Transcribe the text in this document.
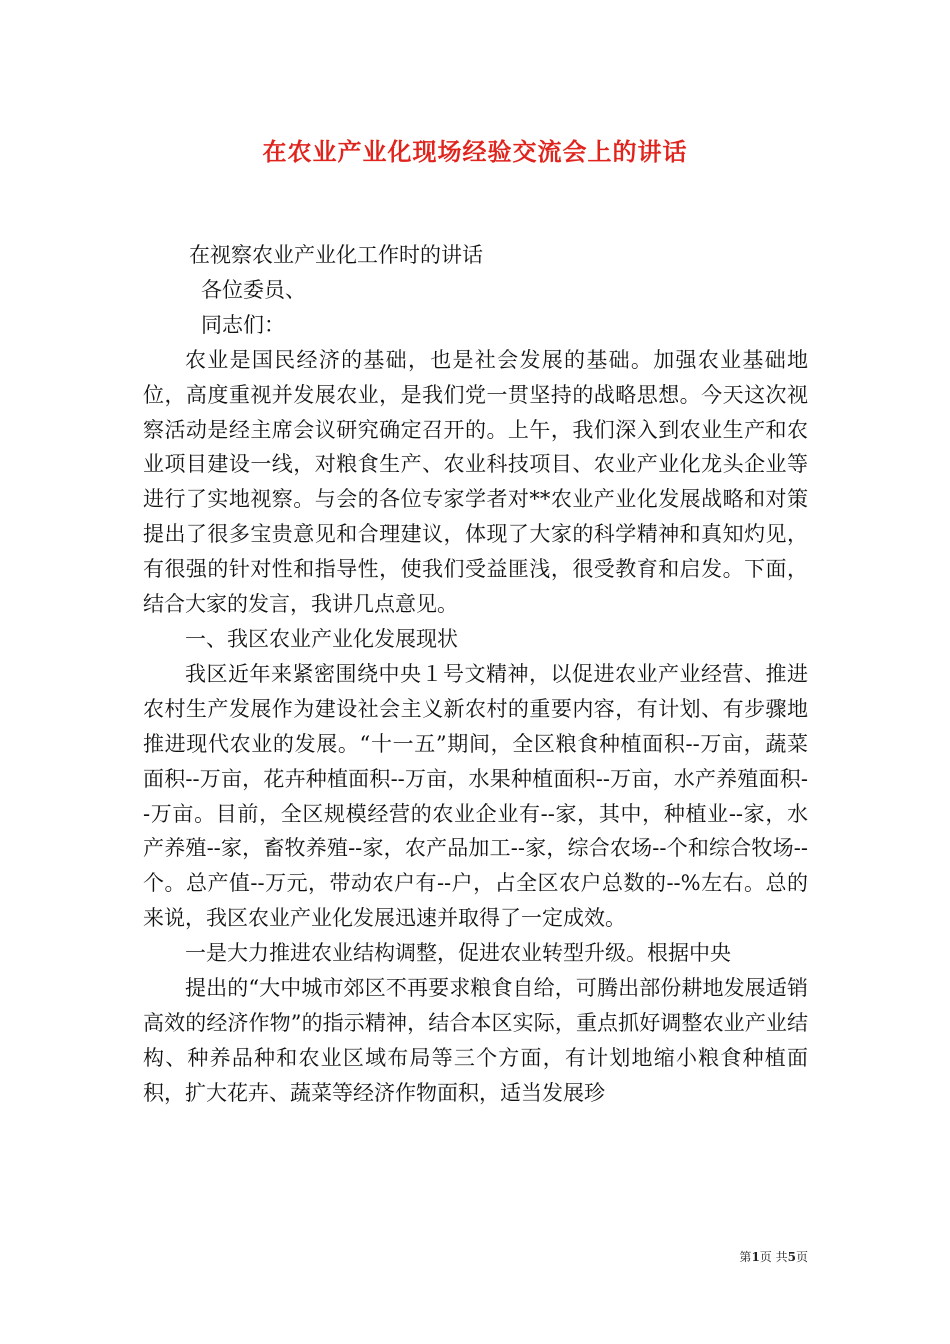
在农业产业化现场经验交流会上的讲话

在视察农业产业化工作时的讲话

各位委员、

同志们：

农业是国民经济的基础，也是社会发展的基础。加强农业基础地位，高度重视并发展农业，是我们党一贯坚持的战略思想。今天这次视察活动是经主席会议研究确定召开的。上午，我们深入到农业生产和农业项目建设一线，对粮食生产、农业科技项目、农业产业化龙头企业等进行了实地视察。与会的各位专家学者对**农业产业化发展战略和对策提出了很多宝贵意见和合理建议，体现了大家的科学精神和真知灼见，有很强的针对性和指导性，使我们受益匪浅，很受教育和启发。下面，结合大家的发言，我讲几点意见。

一、我区农业产业化发展现状

我区近年来紧密围绕中央１号文精神，以促进农业产业经营、推进农村生产发展作为建设社会主义新农村的重要内容，有计划、有步骤地推进现代农业的发展。“十一五”期间，全区粮食种植面积--万亩，蔬菜面积--万亩，花卉种植面积--万亩，水果种植面积--万亩，水产养殖面积--万亩。目前，全区规模经营的农业企业有--家，其中，种植业--家，水产养殖--家，畜牧养殖--家，农产品加工--家，综合农场--个和综合牧场--个。总产值--万元，带动农户有--户，占全区农户总数的--%左右。总的来说，我区农业产业化发展迅速并取得了一定成效。

一是大力推进农业结构调整，促进农业转型升级。根据中央

提出的“大中城市郊区不再要求粮食自给，可腾出部份耕地发展适销高效的经济作物”的指示精神，结合本区实际，重点抓好调整农业产业结构、种养品种和农业区域布局等三个方面，有计划地缩小粮食种植面积，扩大花卉、蔬菜等经济作物面积，适当发展珍

第1页 共5页
